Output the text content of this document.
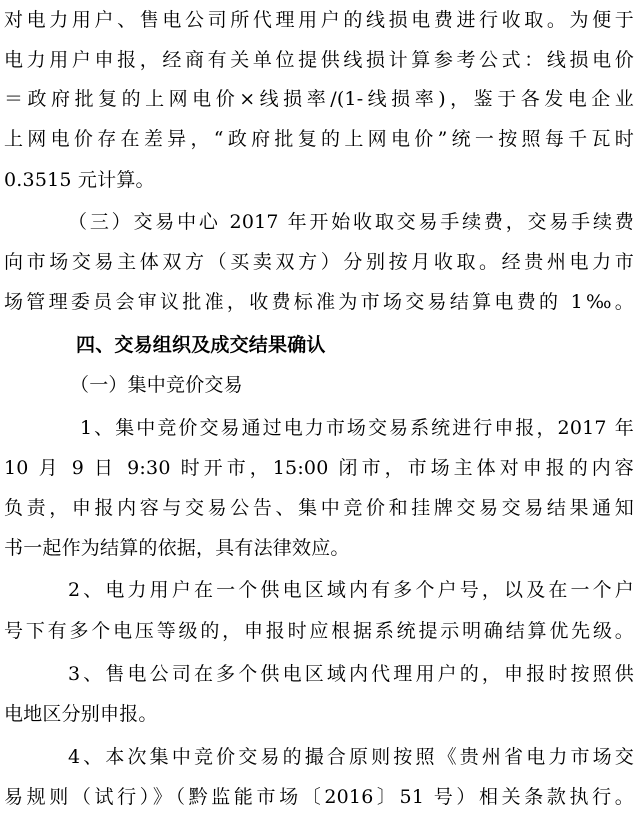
对电力用户、售电公司所代理用户的线损电费进行收取。为便于
电力用户申报，经商有关单位提供线损计算参考公式：线损电价
＝政府批复的上网电价×线损率/(1-线损率)，鉴于各发电企业
上网电价存在差异，“政府批复的上网电价”统一按照每千瓦时
0.3515 元计算。
（三）交易中心 2017 年开始收取交易手续费，交易手续费
向市场交易主体双方（买卖双方）分别按月收取。经贵州电力市
场管理委员会审议批准，收费标准为市场交易结算电费的 1‰。
四、交易组织及成交结果确认
（一）集中竞价交易
1、集中竞价交易通过电力市场交易系统进行申报，2017 年
10 月 9 日 9:30 时开市，15:00 闭市，市场主体对申报的内容
负责，申报内容与交易公告、集中竞价和挂牌交易交易结果通知
书一起作为结算的依据，具有法律效应。
2、电力用户在一个供电区域内有多个户号，以及在一个户
号下有多个电压等级的，申报时应根据系统提示明确结算优先级。
3、售电公司在多个供电区域内代理用户的，申报时按照供
电地区分别申报。
4、本次集中竞价交易的撮合原则按照《贵州省电力市场交
易规则（试行）》（黔监能市场〔2016〕51 号）相关条款执行。
